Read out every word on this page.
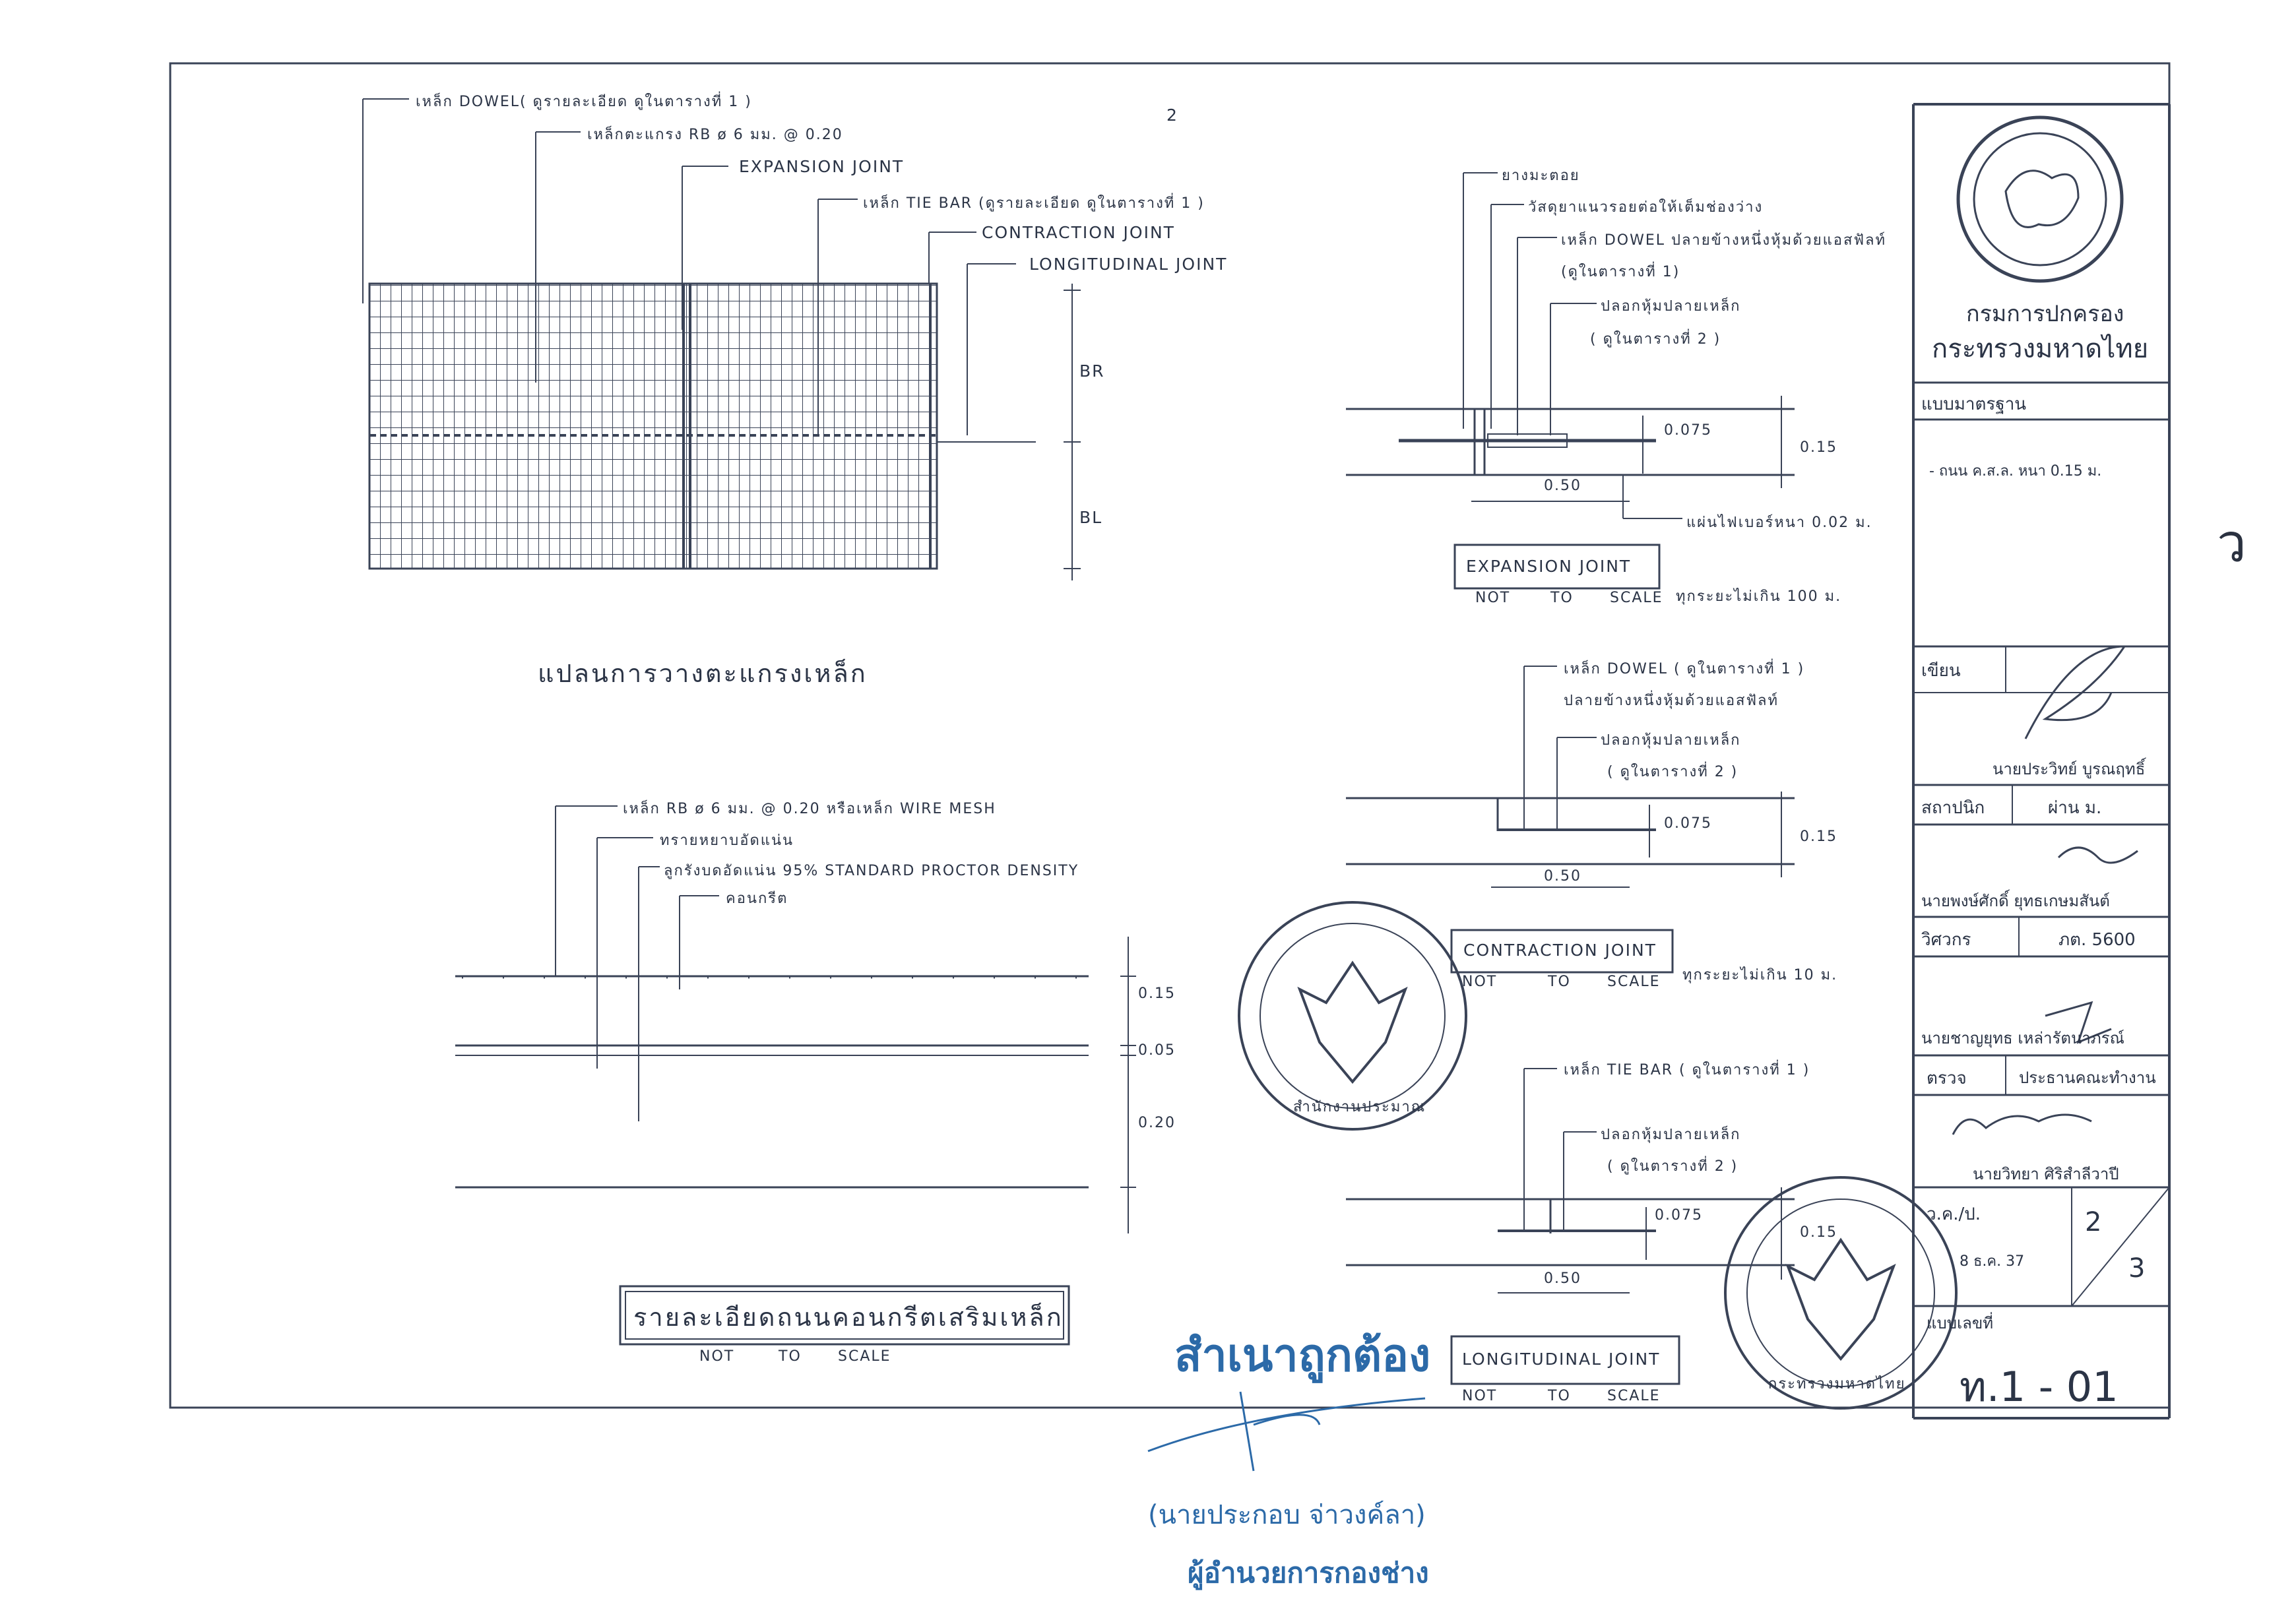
2
ว
เหล็ก DOWEL( ดูรายละเอียด ดูในตารางที่ 1 )
เหล็กตะแกรง RB ø 6 มม. @ 0.20
EXPANSION JOINT
เหล็ก TIE BAR (ดูรายละเอียด ดูในตารางที่ 1 )
CONTRACTION JOINT
LONGITUDINAL JOINT
BR
BL
แปลนการวางตะแกรงเหล็ก
เหล็ก RB ø 6 มม. @ 0.20 หรือเหล็ก WIRE MESH
ทรายหยาบอัดแน่น
ลูกรังบดอัดแน่น 95% STANDARD PROCTOR DENSITY
คอนกรีต
0.15
0.05
0.20
รายละเอียดถนนคอนกรีตเสริมเหล็ก
NOT	TO	SCALE
ยางมะตอย
วัสดุยาแนวรอยต่อให้เต็มช่องว่าง
เหล็ก DOWEL ปลายข้างหนึ่งหุ้มด้วยแอสฟัลท์
(ดูในตารางที่ 1)
ปลอกหุ้มปลายเหล็ก
( ดูในตารางที่ 2 )
0.075
0.15
0.50
แผ่นไฟเบอร์หนา 0.02 ม.
EXPANSION JOINT
NOT	TO	SCALE ทุกระยะไม่เกิน 100 ม.
เหล็ก DOWEL ( ดูในตารางที่ 1 )
ปลายข้างหนึ่งหุ้มด้วยแอสฟัลท์
ปลอกหุ้มปลายเหล็ก
( ดูในตารางที่ 2 )
0.075
0.15
0.50
CONTRACTION JOINT
NOT	TO	SCALE ทุกระยะไม่เกิน 10 ม.
เหล็ก TIE BAR ( ดูในตารางที่ 1 )
ปลอกหุ้มปลายเหล็ก
( ดูในตารางที่ 2 )
0.075
0.15
0.50
LONGITUDINAL JOINT
NOT	TO	SCALE
สำนักงานประมาณ
กระทรวงมหาดไทย
กรมการปกครอง
กระทรวงมหาดไทย
แบบมาตรฐาน
- ถนน ค.ส.ล. หนา 0.15 ม.
เขียน
นายประวิทย์ บูรณฤทธิ์
สถาปนิก	ผ่าน ม.
นายพงษ์ศักดิ์ ยุทธเกษมสันต์
วิศวกร	ภต. 5600
นายชาญยุทธ เหล่ารัตนาภรณ์
ตรวจ	ประธานคณะทำงาน
นายวิทยา ศิริสำลีวาปี
ว.ค./ป.	2
3
8 ธ.ค. 37
แบบเลขที่
ท.1 - 01
สำเนาถูกต้อง
(นายประกอบ จ่าวงค์ลา)
ผู้อำนวยการกองช่าง
